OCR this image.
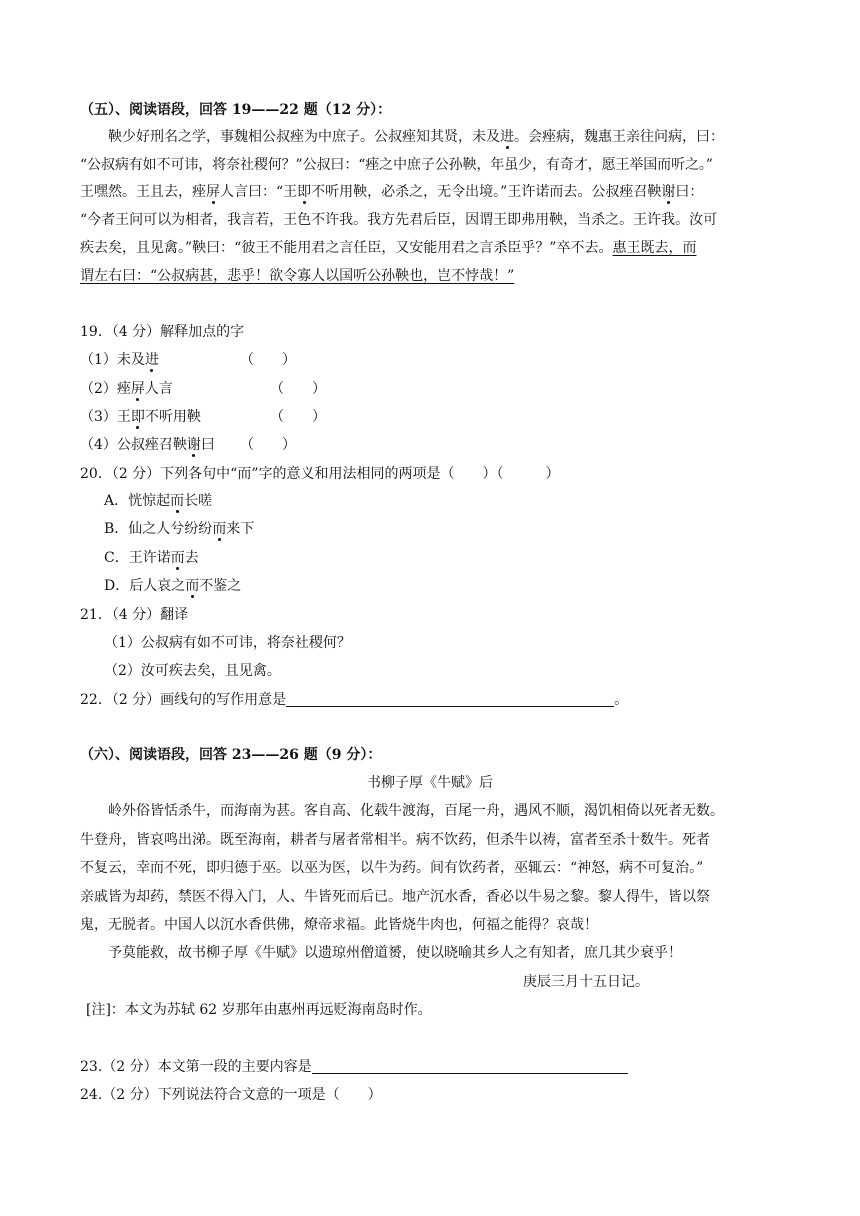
（五）、阅读语段，回答 19——22 题（12 分）：
鞅少好刑名之学，事魏相公叔痤为中庶子。公叔痤知其贤，未及进。会痤病，魏惠王亲往问病，曰：
“公叔病有如不可讳，将奈社稷何？”公叔曰：“痤之中庶子公孙鞅，年虽少，有奇才，愿王举国而听之。”
王嘿然。王且去，痤屏人言曰：“王即不听用鞅，必杀之，无令出境。”王许诺而去。公叔痤召鞅谢曰：
“今者王问可以为相者，我言若，王色不许我。我方先君后臣，因谓王即弗用鞅，当杀之。王许我。汝可
疾去矣，且见禽。”鞅曰：“彼王不能用君之言任臣，又安能用君之言杀臣乎？”卒不去。惠王既去，而
谓左右曰：“公叔病甚，悲乎！欲令寡人以国听公孙鞅也，岂不悖哉！”
19．（4 分）解释加点的字
（1）未及进	（　　）
（2）痤屏人言	（　　）
（3）王即不听用鞅	（　　）
（4）公叔痤召鞅谢曰 （　　）
20．（2 分）下列各句中“而”字的意义和用法相同的两项是（　　）（　　　）
A．恍惊起而长嗟
B．仙之人兮纷纷而来下
C．王许诺而去
D．后人哀之而不鉴之
21．（4 分）翻译
（1）公叔病有如不可讳，将奈社稷何？
（2）汝可疾去矣，且见禽。
22．（2 分）画线句的写作用意是	。
（六）、阅读语段，回答 23——26 题（9 分）：
书柳子厚《牛赋》后
岭外俗皆恬杀牛，而海南为甚。客自高、化载牛渡海，百尾一舟，遇风不顺，渴饥相倚以死者无数。
牛登舟，皆哀鸣出涕。既至海南，耕者与屠者常相半。病不饮药，但杀牛以祷，富者至杀十数牛。死者
不复云，幸而不死，即归德于巫。以巫为医，以牛为药。间有饮药者，巫辄云：“神怒，病不可复治。”
亲戚皆为却药，禁医不得入门，人、牛皆死而后已。地产沉水香，香必以牛易之黎。黎人得牛，皆以祭
鬼，无脱者。中国人以沉水香供佛，燎帝求福。此皆烧牛肉也，何福之能得？哀哉！
予莫能救，故书柳子厚《牛赋》以遗琼州僧道赟，使以晓喻其乡人之有知者，庶几其少衰乎！
庚辰三月十五日记。
[注]：本文为苏轼 62 岁那年由惠州再远贬海南岛时作。
23.（2 分）本文第一段的主要内容是
24.（2 分）下列说法符合文意的一项是（　　）
